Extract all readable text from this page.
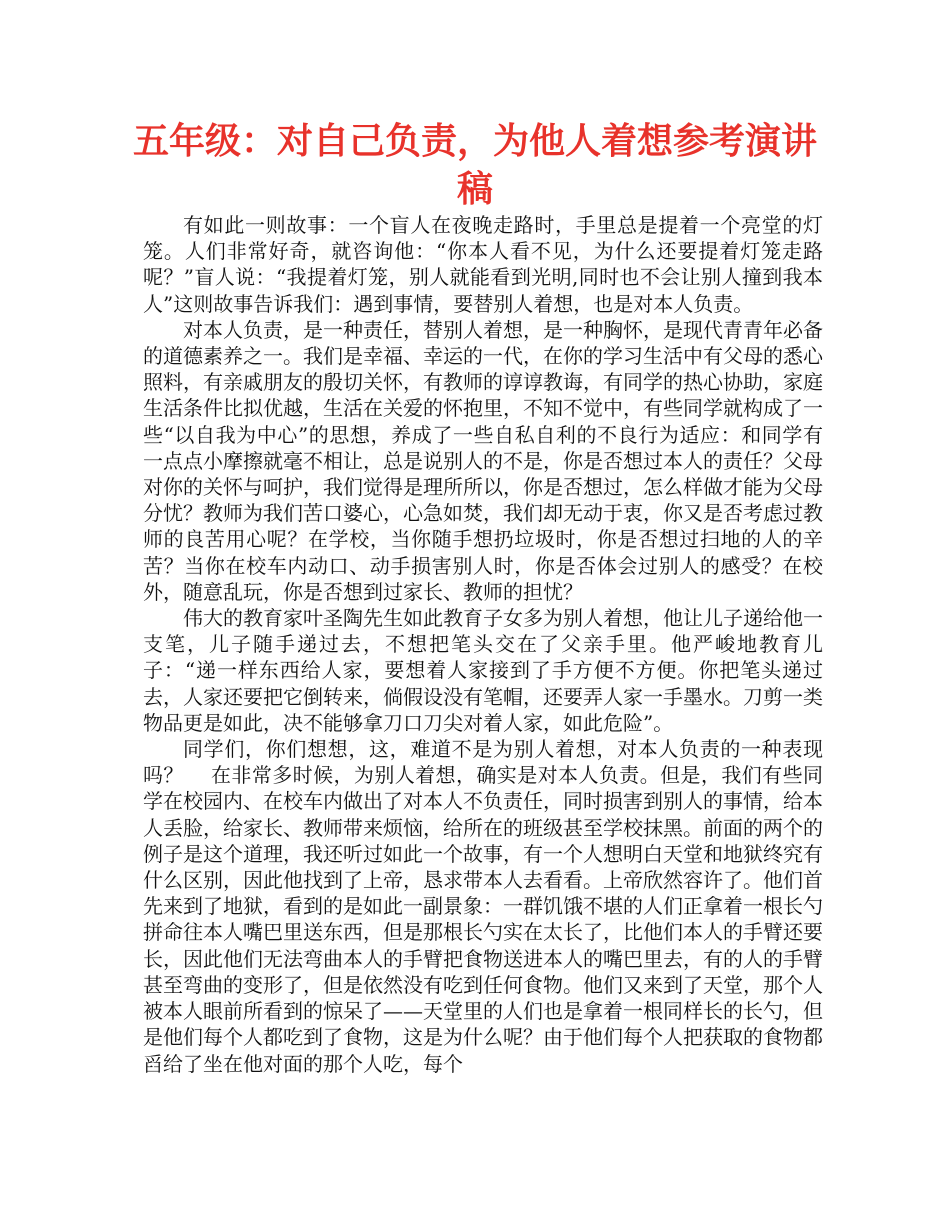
五年级：对自己负责，为他人着想参考演讲稿

有如此一则故事：一个盲人在夜晚走路时，手里总是提着一个亮堂的灯笼。人们非常好奇，就咨询他：“你本人看不见，为什么还要提着灯笼走路呢？”盲人说：“我提着灯笼，别人就能看到光明,同时也不会让别人撞到我本人”这则故事告诉我们：遇到事情，要替别人着想，也是对本人负责。

对本人负责，是一种责任，替别人着想，是一种胸怀，是现代青青年必备的道德素养之一。我们是幸福、幸运的一代，在你的学习生活中有父母的悉心照料，有亲戚朋友的殷切关怀，有教师的谆谆教诲，有同学的热心协助，家庭生活条件比拟优越，生活在关爱的怀抱里，不知不觉中，有些同学就构成了一些“以自我为中心”的思想，养成了一些自私自利的不良行为适应：和同学有一点点小摩擦就毫不相让，总是说别人的不是，你是否想过本人的责任？父母对你的关怀与呵护，我们觉得是理所所以，你是否想过，怎么样做才能为父母分忧？教师为我们苦口婆心，心急如焚，我们却无动于衷，你又是否考虑过教师的良苦用心呢？在学校，当你随手想扔垃圾时，你是否想过扫地的人的辛苦？当你在校车内动口、动手损害别人时，你是否体会过别人的感受？在校外，随意乱玩，你是否想到过家长、教师的担忧？

伟大的教育家叶圣陶先生如此教育子女多为别人着想，他让儿子递给他一支笔，儿子随手递过去，不想把笔头交在了父亲手里。他严峻地教育儿子：“递一样东西给人家，要想着人家接到了手方便不方便。你把笔头递过去，人家还要把它倒转来，倘假设没有笔帽，还要弄人家一手墨水。刀剪一类物品更是如此，决不能够拿刀口刀尖对着人家，如此危险”。

同学们，你们想想，这，难道不是为别人着想，对本人负责的一种表现吗？　 在非常多时候，为别人着想，确实是对本人负责。但是，我们有些同学在校园内、在校车内做出了对本人不负责任，同时损害到别人的事情，给本人丢脸，给家长、教师带来烦恼，给所在的班级甚至学校抹黑。前面的两个的例子是这个道理，我还听过如此一个故事，有一个人想明白天堂和地狱终究有什么区别，因此他找到了上帝，恳求带本人去看看。上帝欣然容许了。他们首先来到了地狱，看到的是如此一副景象：一群饥饿不堪的人们正拿着一根长勺拼命往本人嘴巴里送东西，但是那根长勺实在太长了，比他们本人的手臂还要长，因此他们无法弯曲本人的手臂把食物送进本人的嘴巴里去，有的人的手臂甚至弯曲的变形了，但是依然没有吃到任何食物。他们又来到了天堂，那个人被本人眼前所看到的惊呆了——天堂里的人们也是拿着一根同样长的长勺，但是他们每个人都吃到了食物，这是为什么呢？由于他们每个人把获取的食物都舀给了坐在他对面的那个人吃，每个
